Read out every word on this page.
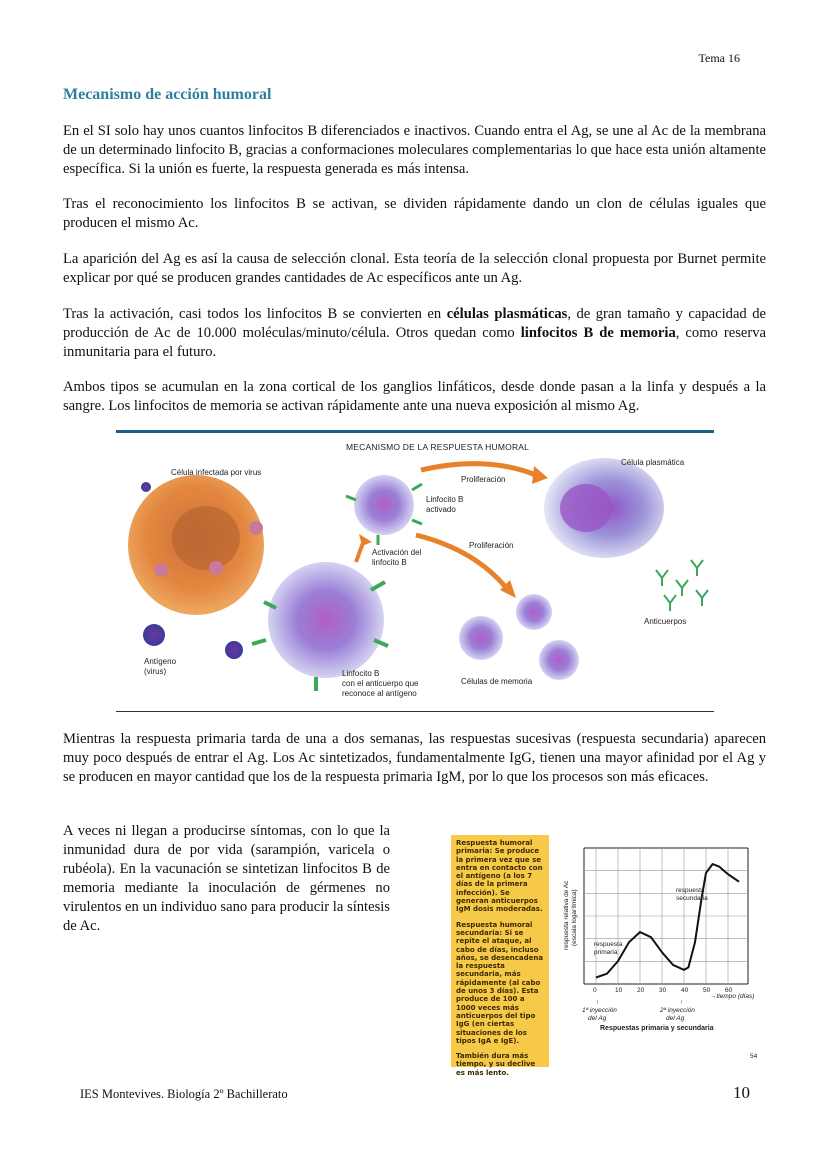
Tema 16
Mecanismo de acción humoral
En el SI solo hay unos cuantos linfocitos B diferenciados e inactivos. Cuando entra el Ag, se une al Ac de la membrana de un determinado linfocito B, gracias a conformaciones moleculares complementarias lo que hace esta unión altamente específica. Si la unión es fuerte, la respuesta generada es más intensa.
Tras el reconocimiento los linfocitos B se activan, se dividen rápidamente dando un clon de células iguales que producen el mismo Ac.
La aparición del Ag es así la causa de selección clonal. Esta teoría de la selección clonal propuesta por Burnet permite explicar por qué se producen grandes cantidades de Ac específicos ante un Ag.
Tras la activación, casi todos los linfocitos B se convierten en células plasmáticas, de gran tamaño y capacidad de producción de Ac de 10.000 moléculas/minuto/célula. Otros quedan como linfocitos B de memoria, como reserva inmunitaria para el futuro.
Ambos tipos se acumulan en la zona cortical de los ganglios linfáticos, desde donde pasan a la linfa y después a la sangre. Los linfocitos de memoria se activan rápidamente ante una nueva exposición al mismo Ag.
MECANISMO DE LA RESPUESTA HUMORAL
Célula infectada por virus
Antígeno
(virus)	Linfocito B
con el anticuerpo que
reconoce al antígeno
Activación del
linfocito B
Linfocito B
activado
Proliferación
Proliferación
Célula plasmática
Anticuerpos
Células de memoria
Mientras la respuesta primaria tarda de una a dos semanas, las respuestas sucesivas (respuesta secundaria) aparecen muy poco después de entrar el Ag. Los Ac sintetizados, fundamentalmente IgG, tienen una mayor afinidad por el Ag y se producen en mayor cantidad que los de la respuesta primaria IgM, por lo que los procesos son más eficaces.
A veces ni llegan a producirse síntomas, con lo que la inmunidad dura de por vida (sarampión, varicela o rubéola). En la vacunación se sintetizan linfocitos B de memoria mediante la inoculación de gérmenes no virulentos en un individuo sano para producir la síntesis de Ac.

Respuesta humoral primaria: Se produce la primera vez que se entra en contacto con el antígeno (a los 7 días de la primera infección). Se generan anticuerpos IgM dosis moderadas.

Respuesta humoral secundaria: Si se repite el ataque, al cabo de días, incluso años, se desencadena la respuesta secundaria, más rápidamente (al cabo de unos 3 días). Esta produce de 100 a 1000 veces más anticuerpos del tipo IgG (en ciertas situaciones de los tipos IgA e IgE).

También dura más tiempo, y su declive es más lento.

0	10 20 30 40 50 60
respuesta relativa de Ac (escala logarítmica) respuesta
primaria
respuesta
secundaria
→tiempo (días)
↑	↑
1ª inyección
del Ag
2ª inyección
del Ag
Respuestas primaria y secundaria
54
IES Montevives. Biología 2º Bachillerato	10
